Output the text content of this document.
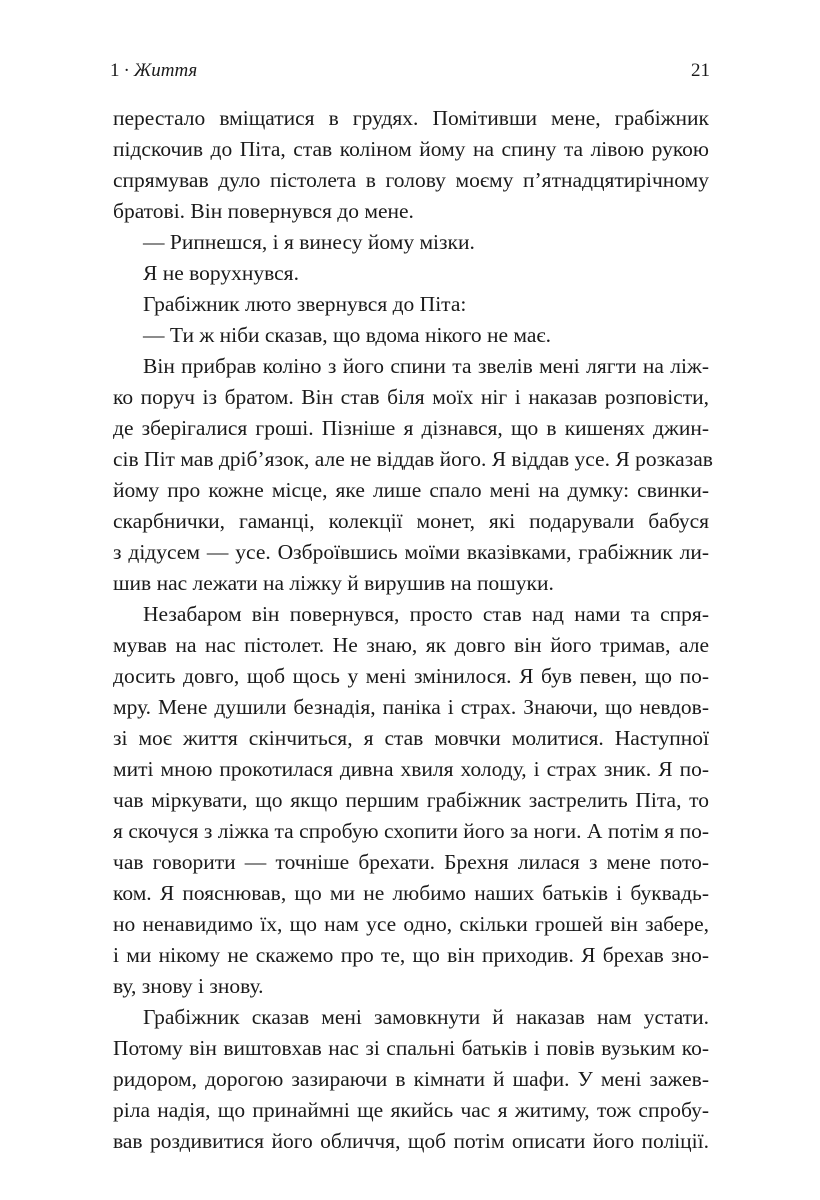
1 · Життя	21
перестало вміщатися в грудях. Помітивши мене, грабіжник
підскочив до Піта, став коліном йому на спину та лівою рукою
спрямував дуло пістолета в голову моєму п’ятнадцятирічному
братові. Він повернувся до мене.
— Рипнешся, і я винесу йому мізки.
Я не ворухнувся.
Грабіжник люто звернувся до Піта:
— Ти ж ніби сказав, що вдома нікого не має.
Він прибрав коліно з його спини та звелів мені лягти на ліж-
ко поруч із братом. Він став біля моїх ніг і наказав розповісти,
де зберігалися гроші. Пізніше я дізнався, що в кишенях джин-
сів Піт мав дріб’язок, але не віддав його. Я віддав усе. Я розказав
йому про кожне місце, яке лише спало мені на думку: свинки-
скарбнички, гаманці, колекції монет, які подарували бабуся
з дідусем — усе. Озброївшись моїми вказівками, грабіжник ли-
шив нас лежати на ліжку й вирушив на пошуки.
Незабаром він повернувся, просто став над нами та спря-
мував на нас пістолет. Не знаю, як довго він його тримав, але
досить довго, щоб щось у мені змінилося. Я був певен, що по-
мру. Мене душили безнадія, паніка і страх. Знаючи, що невдов-
зі моє життя скінчиться, я став мовчки молитися. Наступної
миті мною прокотилася дивна хвиля холоду, і страх зник. Я по-
чав міркувати, що якщо першим грабіжник застрелить Піта, то
я скочуся з ліжка та спробую схопити його за ноги. А потім я по-
чав говорити — точніше брехати. Брехня лилася з мене пото-
ком. Я пояснював, що ми не любимо наших батьків і буквадь-
но ненавидимо їх, що нам усе одно, скільки грошей він забере,
і ми нікому не скажемо про те, що він приходив. Я брехав зно-
ву, знову і знову.
Грабіжник сказав мені замовкнути й наказав нам устати.
Потому він виштовхав нас зі спальні батьків і повів вузьким ко-
ридором, дорогою зазираючи в кімнати й шафи. У мені зажев-
ріла надія, що принаймні ще якийсь час я житиму, тож спробу-
вав роздивитися його обличчя, щоб потім описати його поліції.
